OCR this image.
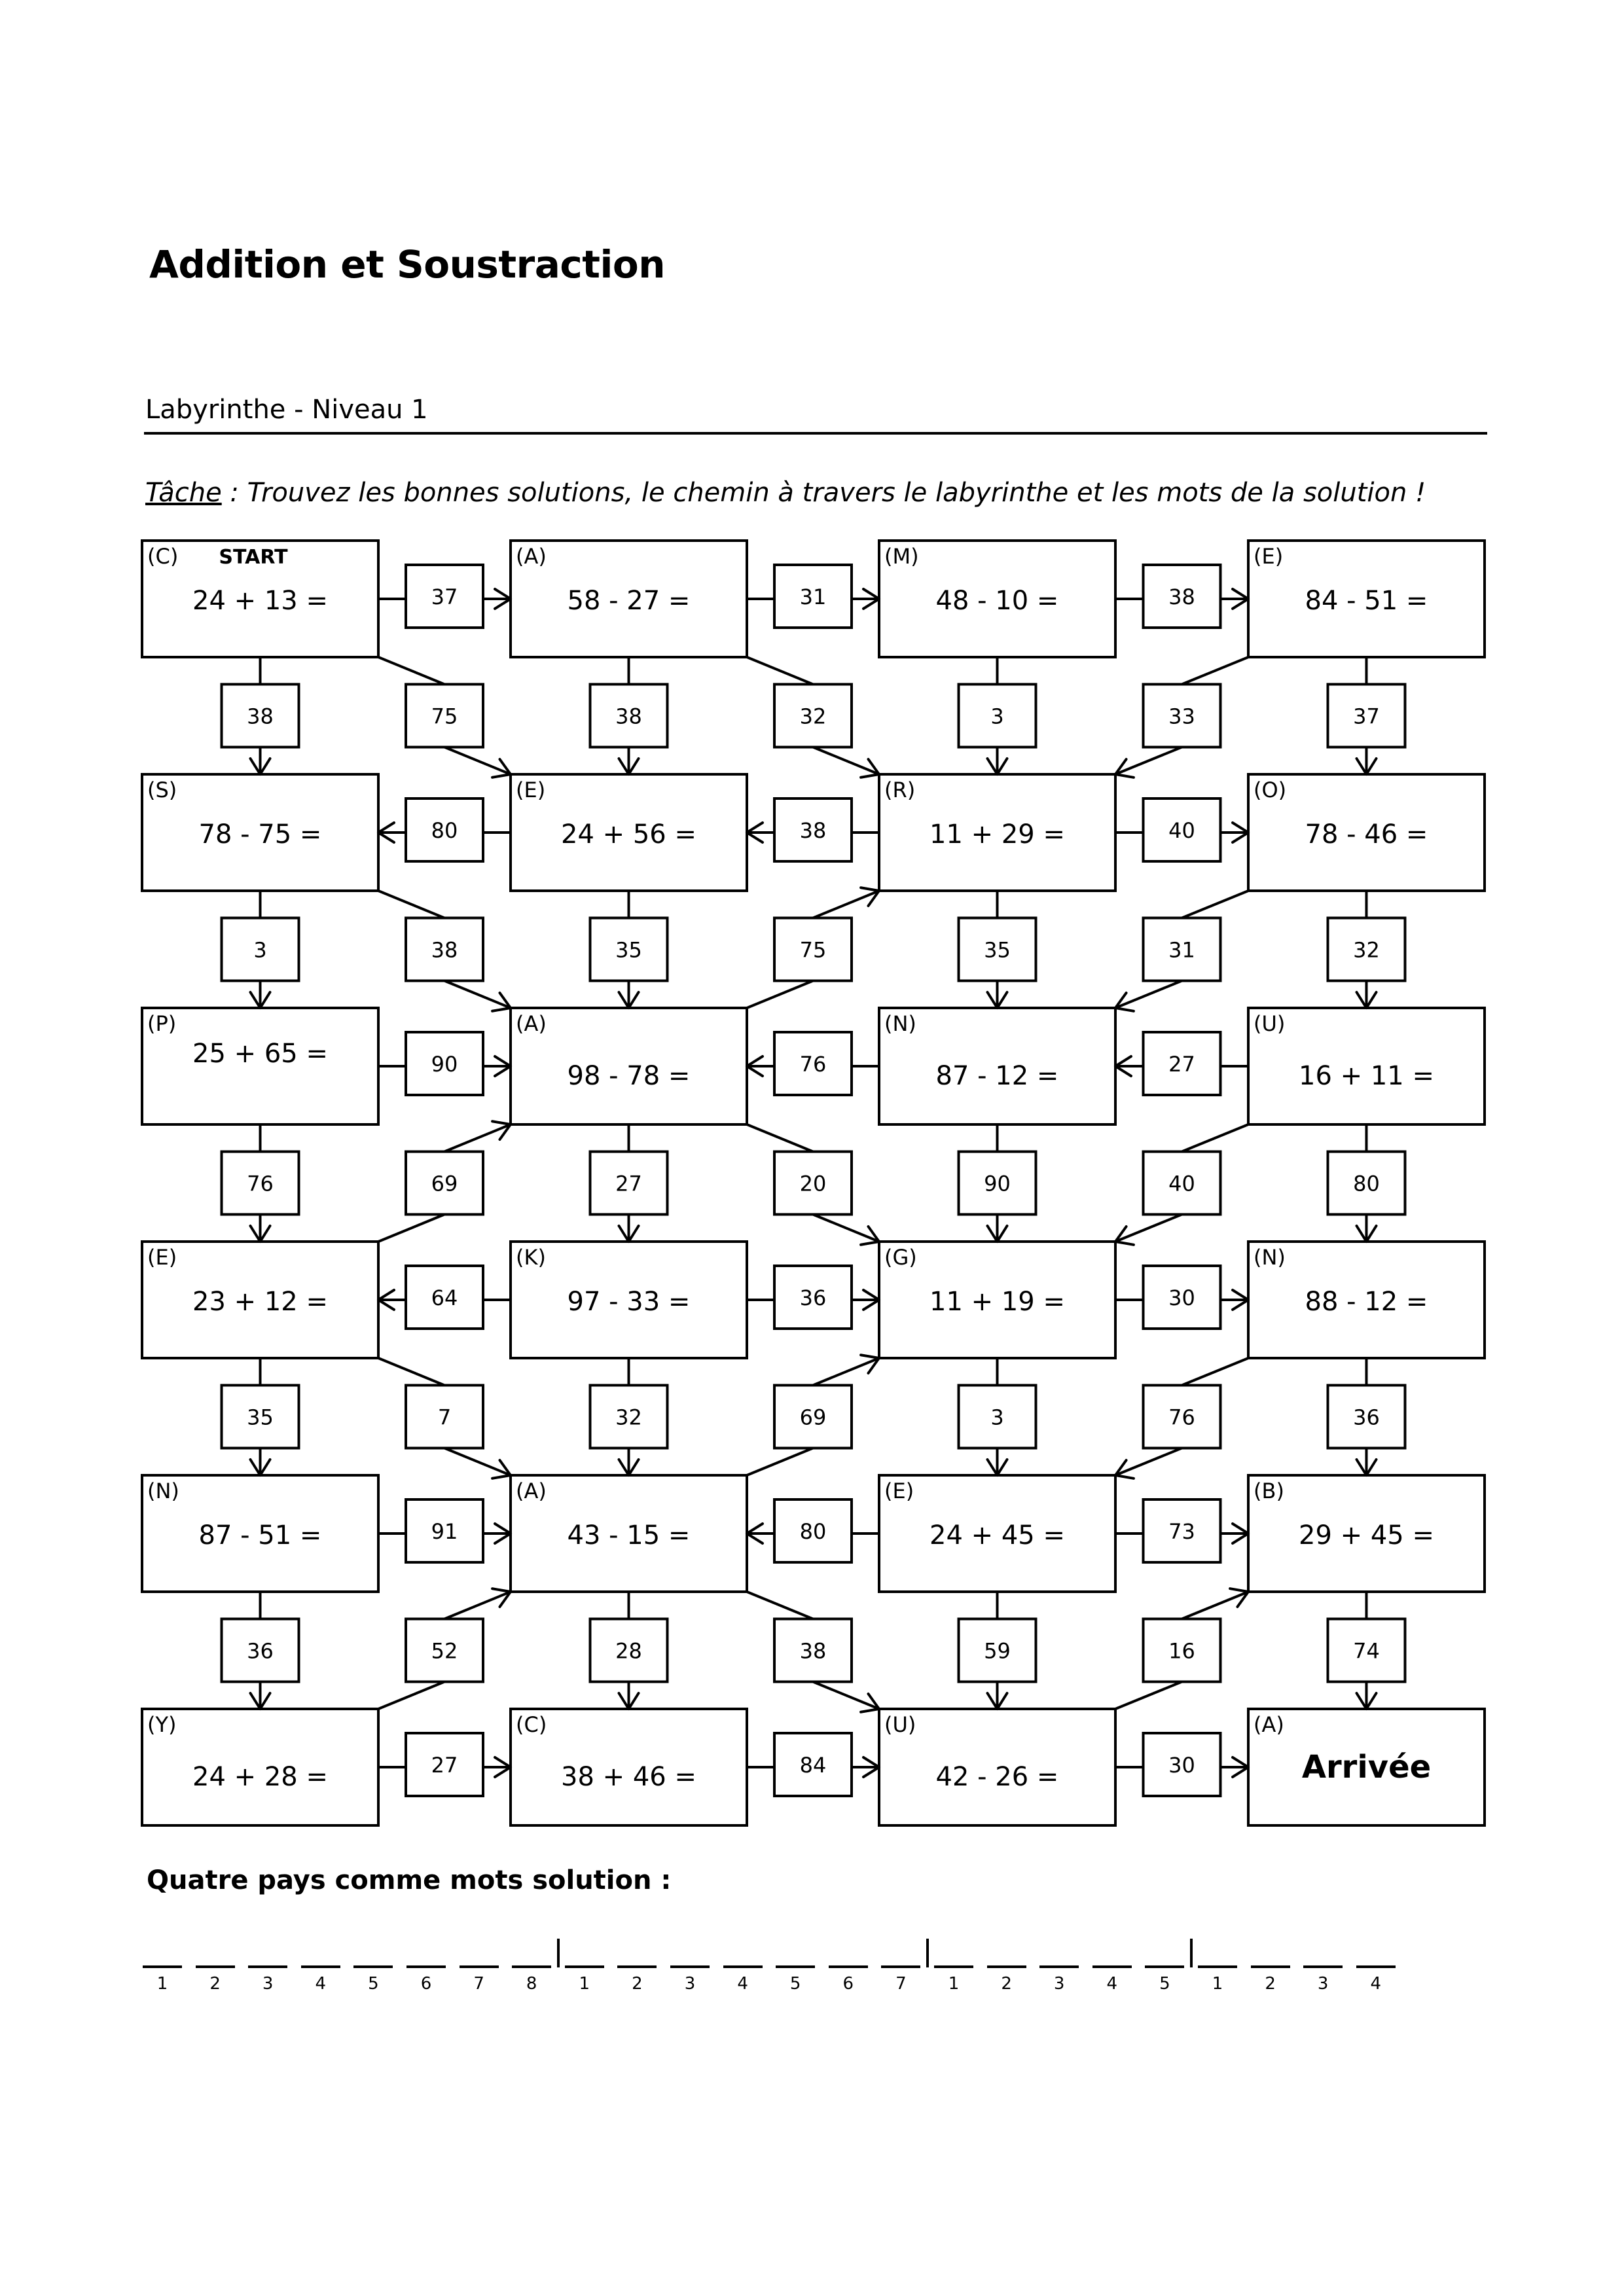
Addition et Soustraction
Labyrinthe - Niveau 1
Tâche : Trouvez les bonnes solutions, le chemin à travers le labyrinthe et les mots de la solution !
(C)
24 + 13 =
(A)
58 - 27 =
(M)
48 - 10 =
(E)
84 - 51 =
(S)
78 - 75 =
(E)
24 + 56 =
(R)
11 + 29 =
(O)
78 - 46 =
(P)
25 + 65 =
(A)
98 - 78 =
(N)
87 - 12 =
(U)
16 + 11 =
(E)
23 + 12 =
(K)
97 - 33 =
(G)
11 + 19 =
(N)
88 - 12 =
(N)
87 - 51 =
(A)
43 - 15 =
(E)
24 + 45 =
(B)
29 + 45 =
(Y)
24 + 28 =
(C)
38 + 46 =
(U)
42 - 26 =
(A)
Arrivée
START
37	31	38
80	38	40
90	76	27
64	36	30
91	80	73
27	84	30
38	75	38	32	3	33	37
3	38	35	75	35	31	32
76	69	27	20	90	40	80
35	7	32	69	3	76	36
36	52	28	38	59	16	74
Quatre pays comme mots solution :
1	2	3	4	5	6	7	8	1	2	3	4	5	6	7	1	2	3	4	5	1	2	3	4
